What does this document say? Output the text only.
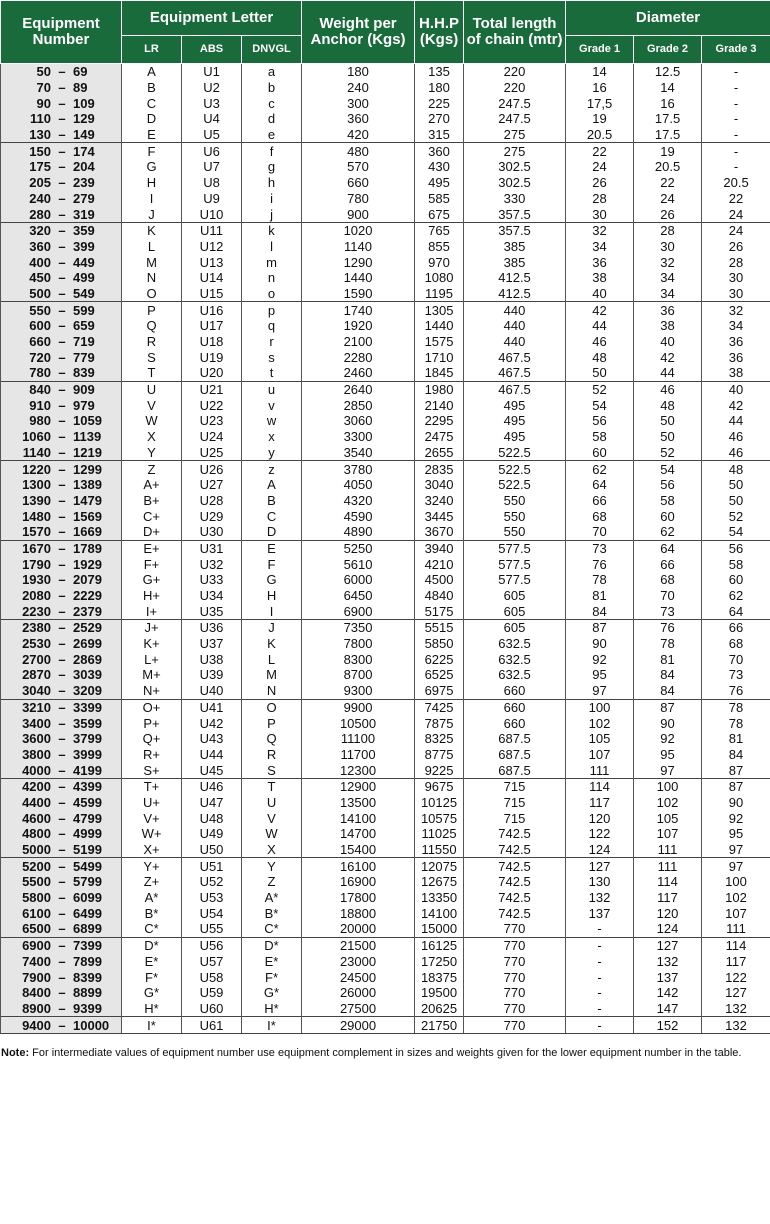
Equipment Number	Equipment Letter			Weight per Anchor (Kgs)	H.H.P (Kgs)	Total length of chain (mtr)	Diameter		
	LR	ABS	DNVGL				Grade 1	Grade 2	Grade 3
50 – 69	A	U1	a	180	135	220	14	12.5	-
70 – 89	B	U2	b	240	180	220	16	14	-
90 – 109	C	U3	c	300	225	247.5	17,5	16	-
110 – 129	D	U4	d	360	270	247.5	19	17.5	-
130 – 149	E	U5	e	420	315	275	20.5	17.5	-
150 – 174	F	U6	f	480	360	275	22	19	-
175 – 204	G	U7	g	570	430	302.5	24	20.5	-
205 – 239	H	U8	h	660	495	302.5	26	22	20.5
240 – 279	I	U9	i	780	585	330	28	24	22
280 – 319	J	U10	j	900	675	357.5	30	26	24
320 – 359	K	U11	k	1020	765	357.5	32	28	24
360 – 399	L	U12	l	1140	855	385	34	30	26
400 – 449	M	U13	m	1290	970	385	36	32	28
450 – 499	N	U14	n	1440	1080	412.5	38	34	30
500 – 549	O	U15	o	1590	1195	412.5	40	34	30
550 – 599	P	U16	p	1740	1305	440	42	36	32
600 – 659	Q	U17	q	1920	1440	440	44	38	34
660 – 719	R	U18	r	2100	1575	440	46	40	36
720 – 779	S	U19	s	2280	1710	467.5	48	42	36
780 – 839	T	U20	t	2460	1845	467.5	50	44	38
840 – 909	U	U21	u	2640	1980	467.5	52	46	40
910 – 979	V	U22	v	2850	2140	495	54	48	42
980 – 1059	W	U23	w	3060	2295	495	56	50	44
1060 – 1139	X	U24	x	3300	2475	495	58	50	46
1140 – 1219	Y	U25	y	3540	2655	522.5	60	52	46
1220 – 1299	Z	U26	z	3780	2835	522.5	62	54	48
1300 – 1389	A+	U27	A	4050	3040	522.5	64	56	50
1390 – 1479	B+	U28	B	4320	3240	550	66	58	50
1480 – 1569	C+	U29	C	4590	3445	550	68	60	52
1570 – 1669	D+	U30	D	4890	3670	550	70	62	54
1670 – 1789	E+	U31	E	5250	3940	577.5	73	64	56
1790 – 1929	F+	U32	F	5610	4210	577.5	76	66	58
1930 – 2079	G+	U33	G	6000	4500	577.5	78	68	60
2080 – 2229	H+	U34	H	6450	4840	605	81	70	62
2230 – 2379	I+	U35	I	6900	5175	605	84	73	64
2380 – 2529	J+	U36	J	7350	5515	605	87	76	66
2530 – 2699	K+	U37	K	7800	5850	632.5	90	78	68
2700 – 2869	L+	U38	L	8300	6225	632.5	92	81	70
2870 – 3039	M+	U39	M	8700	6525	632.5	95	84	73
3040 – 3209	N+	U40	N	9300	6975	660	97	84	76
3210 – 3399	O+	U41	O	9900	7425	660	100	87	78
3400 – 3599	P+	U42	P	10500	7875	660	102	90	78
3600 – 3799	Q+	U43	Q	11100	8325	687.5	105	92	81
3800 – 3999	R+	U44	R	11700	8775	687.5	107	95	84
4000 – 4199	S+	U45	S	12300	9225	687.5	111	97	87
4200 – 4399	T+	U46	T	12900	9675	715	114	100	87
4400 – 4599	U+	U47	U	13500	10125	715	117	102	90
4600 – 4799	V+	U48	V	14100	10575	715	120	105	92
4800 – 4999	W+	U49	W	14700	11025	742.5	122	107	95
5000 – 5199	X+	U50	X	15400	11550	742.5	124	111	97
5200 – 5499	Y+	U51	Y	16100	12075	742.5	127	111	97
5500 – 5799	Z+	U52	Z	16900	12675	742.5	130	114	100
5800 – 6099	A*	U53	A*	17800	13350	742.5	132	117	102
6100 – 6499	B*	U54	B*	18800	14100	742.5	137	120	107
6500 – 6899	C*	U55	C*	20000	15000	770	-	124	111
6900 – 7399	D*	U56	D*	21500	16125	770	-	127	114
7400 – 7899	E*	U57	E*	23000	17250	770	-	132	117
7900 – 8399	F*	U58	F*	24500	18375	770	-	137	122
8400 – 8899	G*	U59	G*	26000	19500	770	-	142	127
8900 – 9399	H*	U60	H*	27500	20625	770	-	147	132
9400 – 10000	I*	U61	I*	29000	21750	770	-	152	132
Note: For intermediate values of equipment number use equipment complement in sizes and weights given for the lower equipment number in the table.
